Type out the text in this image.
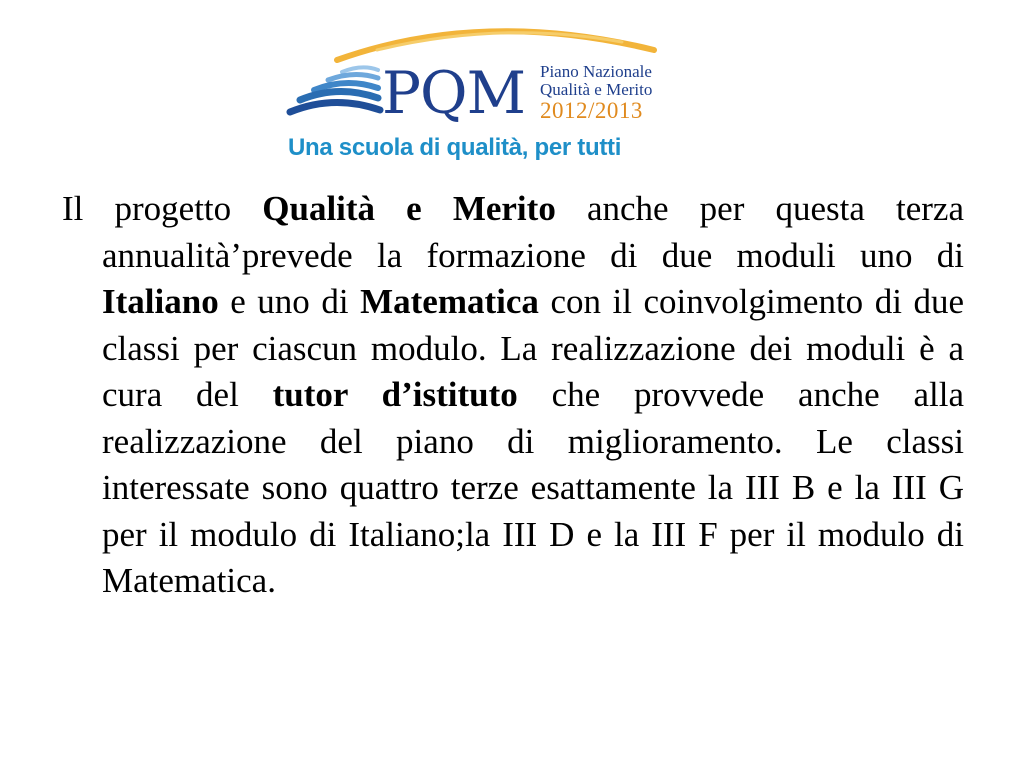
PQM Piano Nazionale
Qualità e Merito
2012/2013
Una scuola di qualità, per tutti

Il progetto Qualità e Merito anche per questa terza annualità’prevede la formazione di due moduli uno di Italiano e uno di Matematica con il coinvolgimento di due classi per ciascun modulo. La realizzazione dei moduli è a cura del tutor d’istituto che provvede anche alla realizzazione del piano di miglioramento. Le classi interessate sono quattro terze esattamente la III B e la III G per il modulo di Italiano;la III D e la III F per il modulo di Matematica.
